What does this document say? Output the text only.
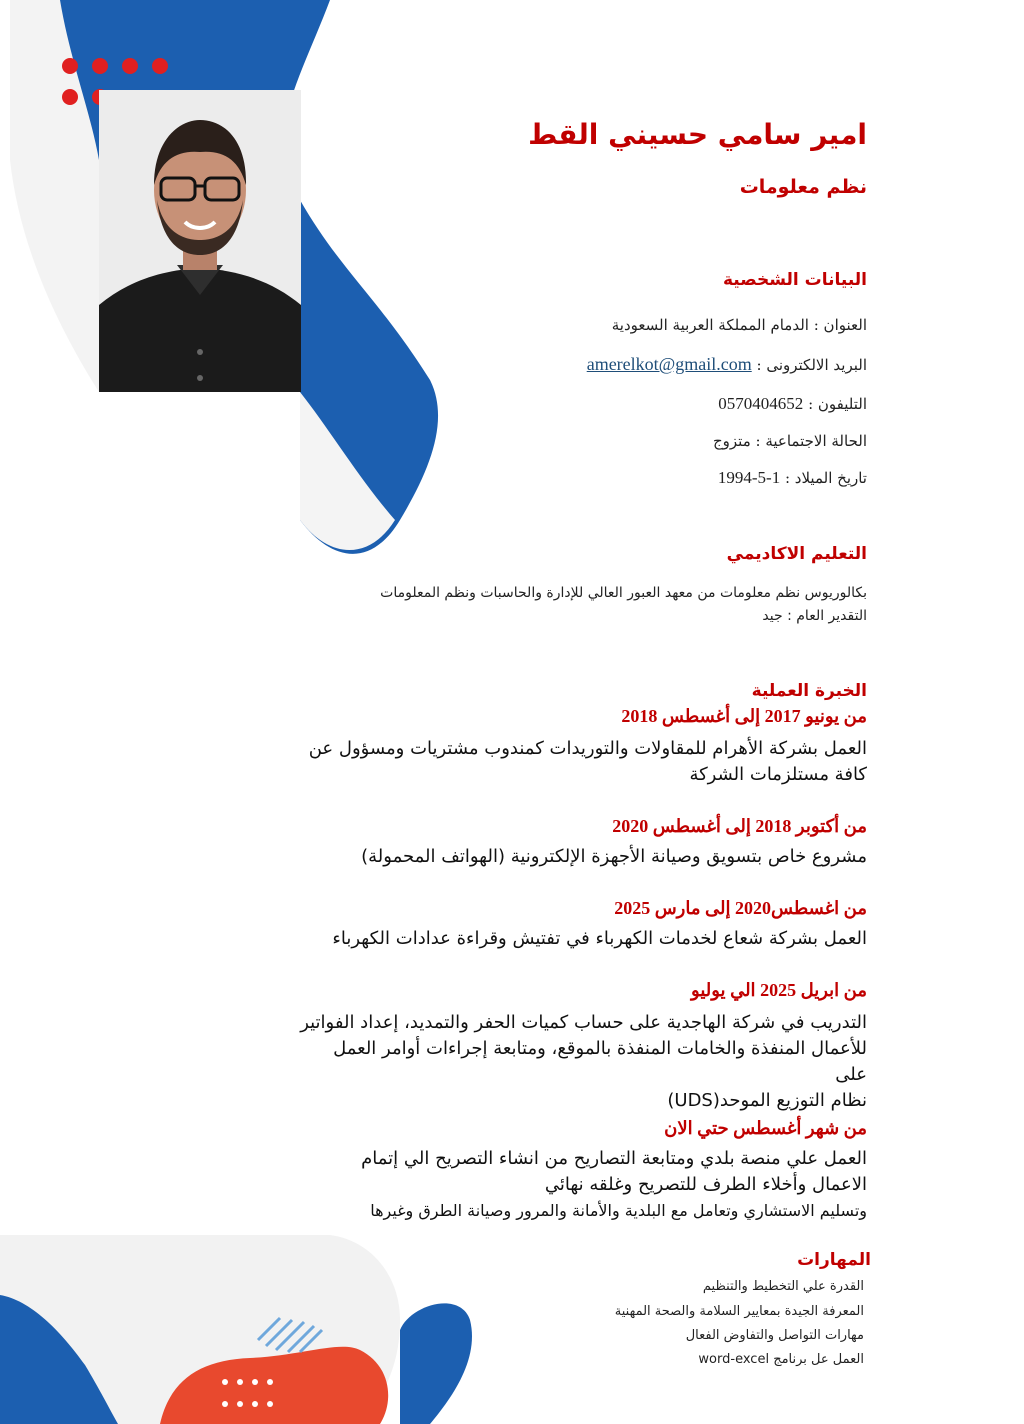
امير سامي حسيني القط
نظم معلومات
البيانات الشخصية
العنوان : الدمام المملكة العربية السعودية
البريد الالكترونى : amerelkot@gmail.com
التليفون : 0570404652
الحالة الاجتماعية : متزوج
تاريخ الميلاد : 1994-5-1
التعليم الاكاديمي
بكالوريوس نظم معلومات من معهد العبور العالي للإدارة والحاسبات ونظم المعلومات
التقدير العام : جيد
الخبرة العملية
من يونيو 2017 إلى أغسطس 2018
العمل بشركة الأهرام للمقاولات والتوريدات كمندوب مشتريات ومسؤول عن
كافة مستلزمات الشركة
من أكتوبر 2018 إلى أغسطس 2020
مشروع خاص بتسويق وصيانة الأجهزة الإلكترونية (الهواتف المحمولة)
من اغسطس2020 إلى مارس 2025
العمل بشركة شعاع لخدمات الكهرباء في تفتيش وقراءة عدادات الكهرباء
من ابريل 2025 الي يوليو
التدريب في شركة الهاجدية على حساب كميات الحفر والتمديد، إعداد الفواتير
للأعمال المنفذة والخامات المنفذة بالموقع، ومتابعة إجراءات أوامر العمل على
نظام التوزيع الموحد(UDS)
من شهر أغسطس حتي الان
العمل علي منصة بلدي ومتابعة التصاريح من انشاء التصريح الي إتمام
الاعمال وأخلاء الطرف للتصريح وغلقه نهائي
وتسليم الاستشاري وتعامل مع البلدية والأمانة والمرور وصيانة الطرق وغيرها
المهارات
القدرة علي التخطيط والتنظيم
المعرفة الجيدة بمعايير السلامة والصحة المهنية
مهارات التواصل والتفاوض الفعال
العمل عل برنامج word-excel
